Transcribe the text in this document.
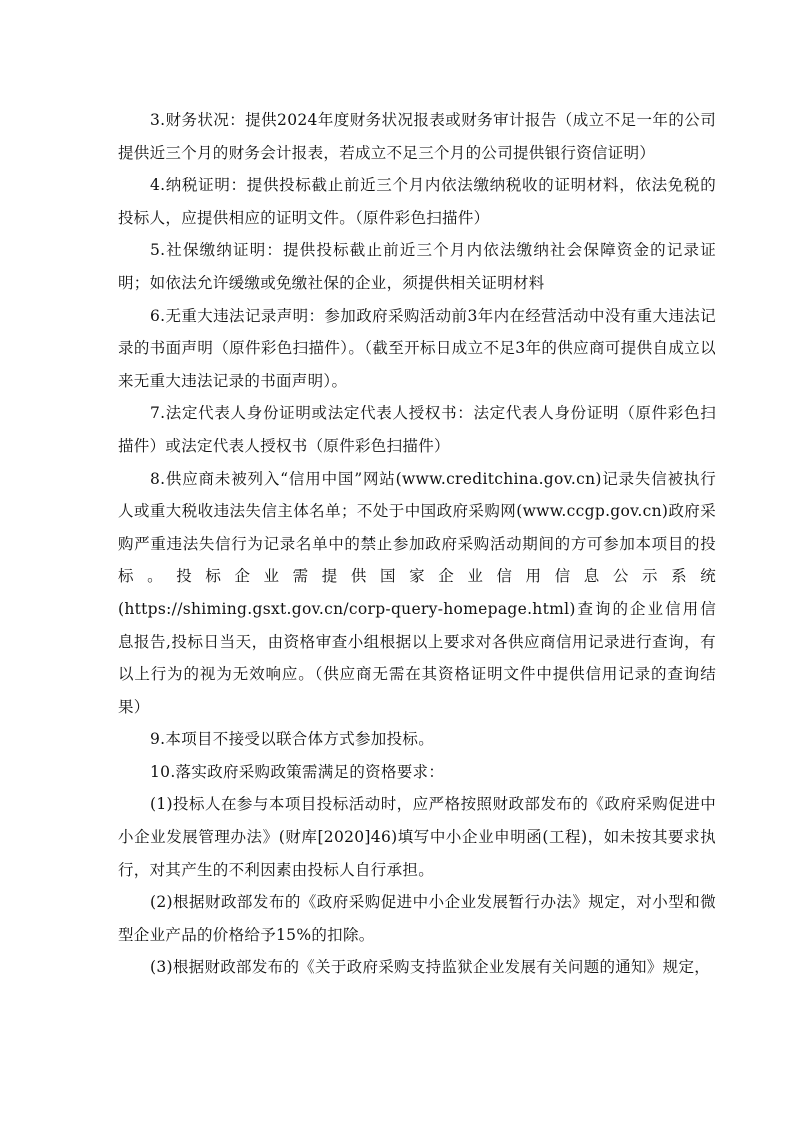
3.财务状况：提供2024年度财务状况报表或财务审计报告（成立不足一年的公司提供近三个月的财务会计报表，若成立不足三个月的公司提供银行资信证明）

4.纳税证明：提供投标截止前近三个月内依法缴纳税收的证明材料，依法免税的投标人，应提供相应的证明文件。（原件彩色扫描件）

5.社保缴纳证明：提供投标截止前近三个月内依法缴纳社会保障资金的记录证明；如依法允许缓缴或免缴社保的企业，须提供相关证明材料

6.无重大违法记录声明：参加政府采购活动前3年内在经营活动中没有重大违法记录的书面声明（原件彩色扫描件）。（截至开标日成立不足3年的供应商可提供自成立以来无重大违法记录的书面声明）。

7.法定代表人身份证明或法定代表人授权书：法定代表人身份证明（原件彩色扫描件）或法定代表人授权书（原件彩色扫描件）

8.供应商未被列入“信用中国”网站(www.creditchina.gov.cn)记录失信被执行人或重大税收违法失信主体名单；不处于中国政府采购网(www.ccgp.gov.cn)政府采购严重违法失信行为记录名单中的禁止参加政府采购活动期间的方可参加本项目的投标。投标企业需提供国家企业信用信息公示系统(https://shiming.gsxt.gov.cn/corp-query-homepage.html)查询的企业信用信息报告,投标日当天，由资格审查小组根据以上要求对各供应商信用记录进行查询，有以上行为的视为无效响应。（供应商无需在其资格证明文件中提供信用记录的查询结果）

9.本项目不接受以联合体方式参加投标。

10.落实政府采购政策需满足的资格要求：

(1)投标人在参与本项目投标活动时，应严格按照财政部发布的《政府采购促进中小企业发展管理办法》(财库[2020]46)填写中小企业申明函(工程)，如未按其要求执行，对其产生的不利因素由投标人自行承担。

(2)根据财政部发布的《政府采购促进中小企业发展暂行办法》规定，对小型和微型企业产品的价格给予15%的扣除。

(3)根据财政部发布的《关于政府采购支持监狱企业发展有关问题的通知》规定，
